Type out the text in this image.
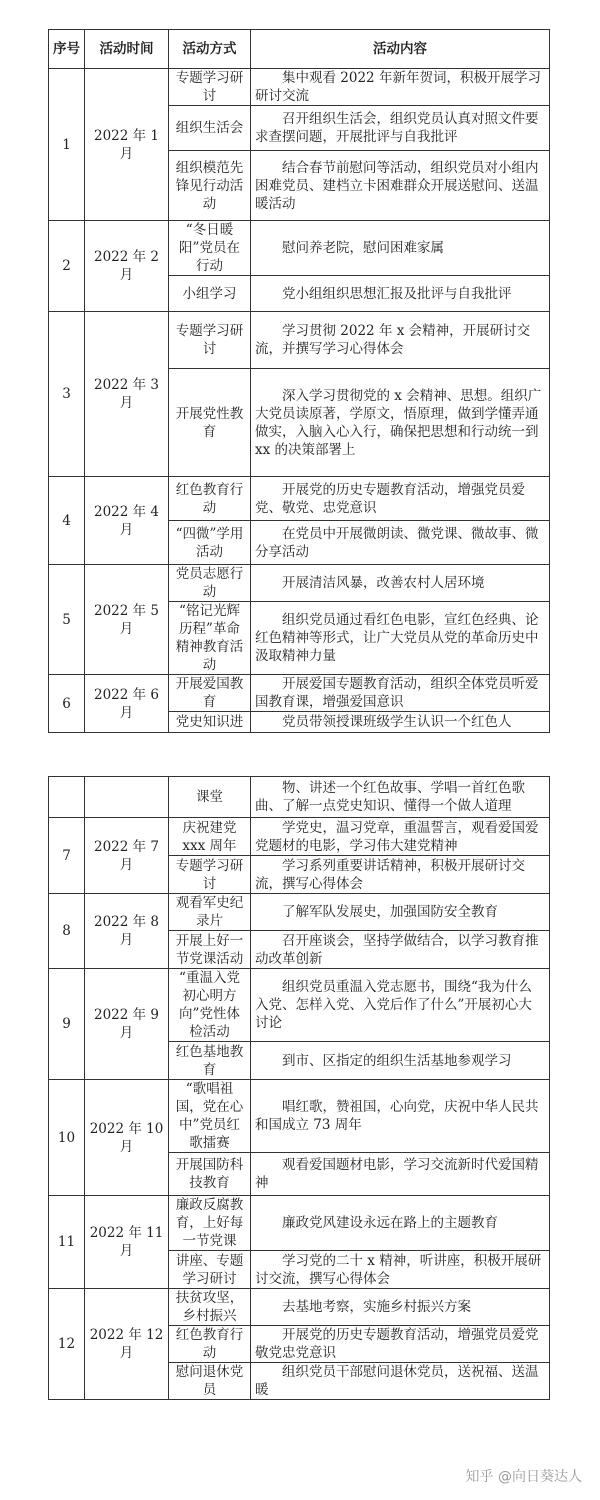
序号	活动时间	活动方式	活动内容
1	2022 年 1 月	专题学习研讨	集中观看 2022 年新年贺词，积极开展学习研讨交流
		组织生活会	召开组织生活会，组织党员认真对照文件要求查摆问题，开展批评与自我批评
		组织模范先锋见行动活动	结合春节前慰问等活动，组织党员对小组内困难党员、建档立卡困难群众开展送慰问、送温暖活动
2	2022 年 2 月	“冬日暖阳”党员在行动	慰问养老院，慰问困难家属
		小组学习	党小组组织思想汇报及批评与自我批评
3	2022 年 3 月	专题学习研讨	学习贯彻 2022 年 x 会精神，开展研讨交流，并撰写学习心得体会
		开展党性教育	深入学习贯彻党的 x 会精神、思想。组织广大党员读原著，学原文，悟原理，做到学懂弄通做实，入脑入心入行，确保把思想和行动统一到 xx 的决策部署上
4	2022 年 4 月	红色教育行动	开展党的历史专题教育活动，增强党员爱党、敬党、忠党意识
		“四微”学用活动	在党员中开展微朗读、微党课、微故事、微分享活动
5	2022 年 5 月	党员志愿行动	开展清洁风暴，改善农村人居环境
		“铭记光辉历程”革命精神教育活动	组织党员通过看红色电影，宣红色经典、论红色精神等形式，让广大党员从党的革命历史中汲取精神力量
6	2022 年 6 月	开展爱国教育	开展爱国专题教育活动，组织全体党员听爱国教育课，增强爱国意识
		党史知识进	党员带领授课班级学生认识一个红色人
		课堂	物、讲述一个红色故事、学唱一首红色歌曲、了解一点党史知识、懂得一个做人道理
7	2022 年 7 月	庆祝建党 xxx 周年	学党史，温习党章，重温誓言，观看爱国爱党题材的电影，学习伟大建党精神
		专题学习研讨	学习系列重要讲话精神，积极开展研讨交流，撰写心得体会
8	2022 年 8 月	观看军史纪录片	了解军队发展史，加强国防安全教育
		开展上好一节党课活动	召开座谈会，坚持学做结合，以学习教育推动改革创新
9	2022 年 9 月	“重温入党初心明方向”党性体检活动	组织党员重温入党志愿书，围绕“我为什么入党、怎样入党、入党后作了什么”开展初心大讨论
		红色基地教育	到市、区指定的组织生活基地参观学习
10	2022 年 10 月	“歌唱祖国，党在心中”党员红歌擂赛	唱红歌，赞祖国，心向党，庆祝中华人民共和国成立 73 周年
		开展国防科技教育	观看爱国题材电影，学习交流新时代爱国精神
11	2022 年 11 月	廉政反腐教育，上好每一节党课	廉政党风建设永远在路上的主题教育
		讲座、专题学习研讨	学习党的二十 x 精神，听讲座，积极开展研讨交流，撰写心得体会
12	2022 年 12 月	扶贫攻坚，乡村振兴	去基地考察，实施乡村振兴方案
		红色教育行动	开展党的历史专题教育活动，增强党员爱党敬党忠党意识
		慰问退休党员	组织党员干部慰问退休党员，送祝福、送温暖
知乎 @向日葵达人
